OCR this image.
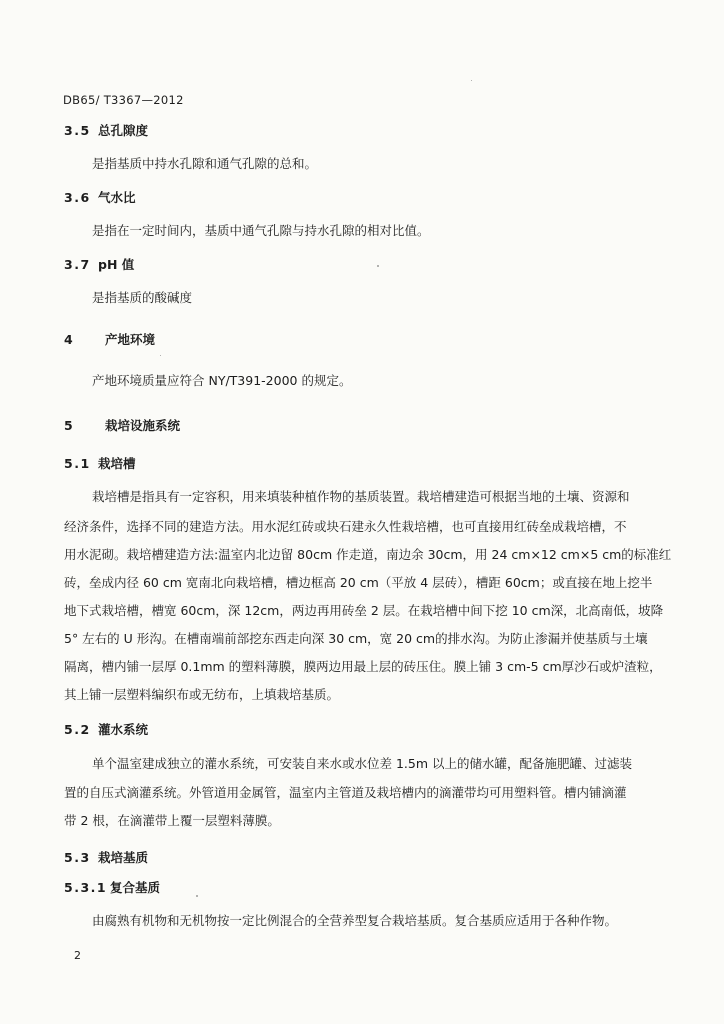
DB65/ T3367—2012
3.5 总孔隙度
是指基质中持水孔隙和通气孔隙的总和。
3.6 气水比
是指在一定时间内，基质中通气孔隙与持水孔隙的相对比值。
3.7 pH 值
是指基质的酸碱度
4 产地环境
产地环境质量应符合 NY/T391-2000 的规定。
5 栽培设施系统
5.1 栽培槽
栽培槽是指具有一定容积，用来填装种植作物的基质装置。栽培槽建造可根据当地的土壤、资源和
经济条件，选择不同的建造方法。用水泥红砖或块石建永久性栽培槽，也可直接用红砖垒成栽培槽，不
用水泥砌。栽培槽建造方法:温室内北边留 80cm 作走道，南边余 30cm，用 24 cm×12 cm×5 cm的标准红
砖，垒成内径 60 cm 宽南北向栽培槽，槽边框高 20 cm（平放 4 层砖），槽距 60cm；或直接在地上挖半
地下式栽培槽，槽宽 60cm，深 12cm，两边再用砖垒 2 层。在栽培槽中间下挖 10 cm深，北高南低，坡降
5° 左右的 U 形沟。在槽南端前部挖东西走向深 30 cm，宽 20 cm的排水沟。为防止渗漏并使基质与土壤
隔离，槽内铺一层厚 0.1mm 的塑料薄膜，膜两边用最上层的砖压住。膜上铺 3 cm-5 cm厚沙石或炉渣粒，
其上铺一层塑料编织布或无纺布，上填栽培基质。
5.2 灌水系统
单个温室建成独立的灌水系统，可安装自来水或水位差 1.5m 以上的储水罐，配备施肥罐、过滤装
置的自压式滴灌系统。外管道用金属管，温室内主管道及栽培槽内的滴灌带均可用塑料管。槽内铺滴灌
带 2 根，在滴灌带上覆一层塑料薄膜。
5.3 栽培基质
5.3.1 复合基质
由腐熟有机物和无机物按一定比例混合的全营养型复合栽培基质。复合基质应适用于各种作物。
2
